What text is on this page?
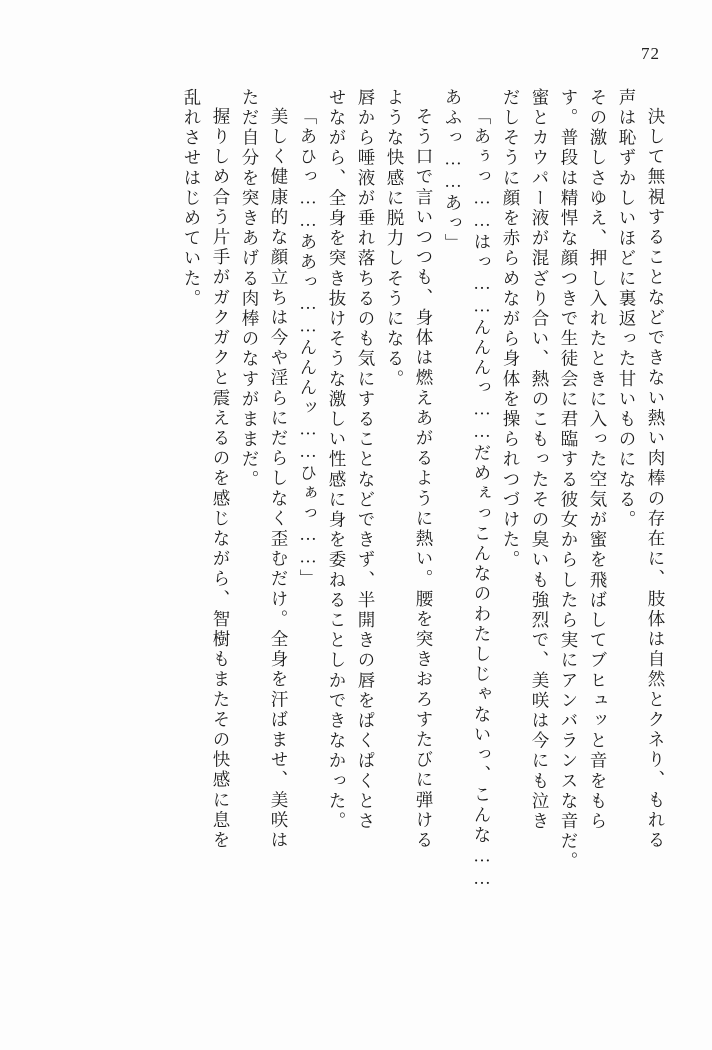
72
決して無視することなどできない熱い肉棒の存在に、肢体は自然とクネり、もれる
声は恥ずかしいほどに裏返った甘いものになる。
その激しさゆえ、押し入れたときに入った空気が蜜を飛ばしてブヒュッと音をもら
す。普段は精悍な顔つきで生徒会に君臨する彼女からしたら実にアンバランスな音だ。
蜜とカウパー液が混ざり合い、熱のこもったその臭いも強烈で、美咲は今にも泣き
だしそうに顔を赤らめながら身体を操られつづけた。
「あぅっ……はっ……んんんっ……だめぇっこんなのわたしじゃないっ、こんな……
あふっ……あっ」
そう口で言いつつも、身体は燃えあがるように熱い。腰を突きおろすたびに弾ける
ような快感に脱力しそうになる。
唇から唾液が垂れ落ちるのも気にすることなどできず、半開きの唇をぱくぱくとさ
せながら、全身を突き抜けそうな激しい性感に身を委ねることしかできなかった。
「あひっ……ああっ……んんんッ……ひぁっ……」
美しく健康的な顔立ちは今や淫らにだらしなく歪むだけ。全身を汗ばませ、美咲は
ただ自分を突きあげる肉棒のなすがままだ。
握りしめ合う片手がガクガクと震えるのを感じながら、智樹もまたその快感に息を
乱れさせはじめていた。
